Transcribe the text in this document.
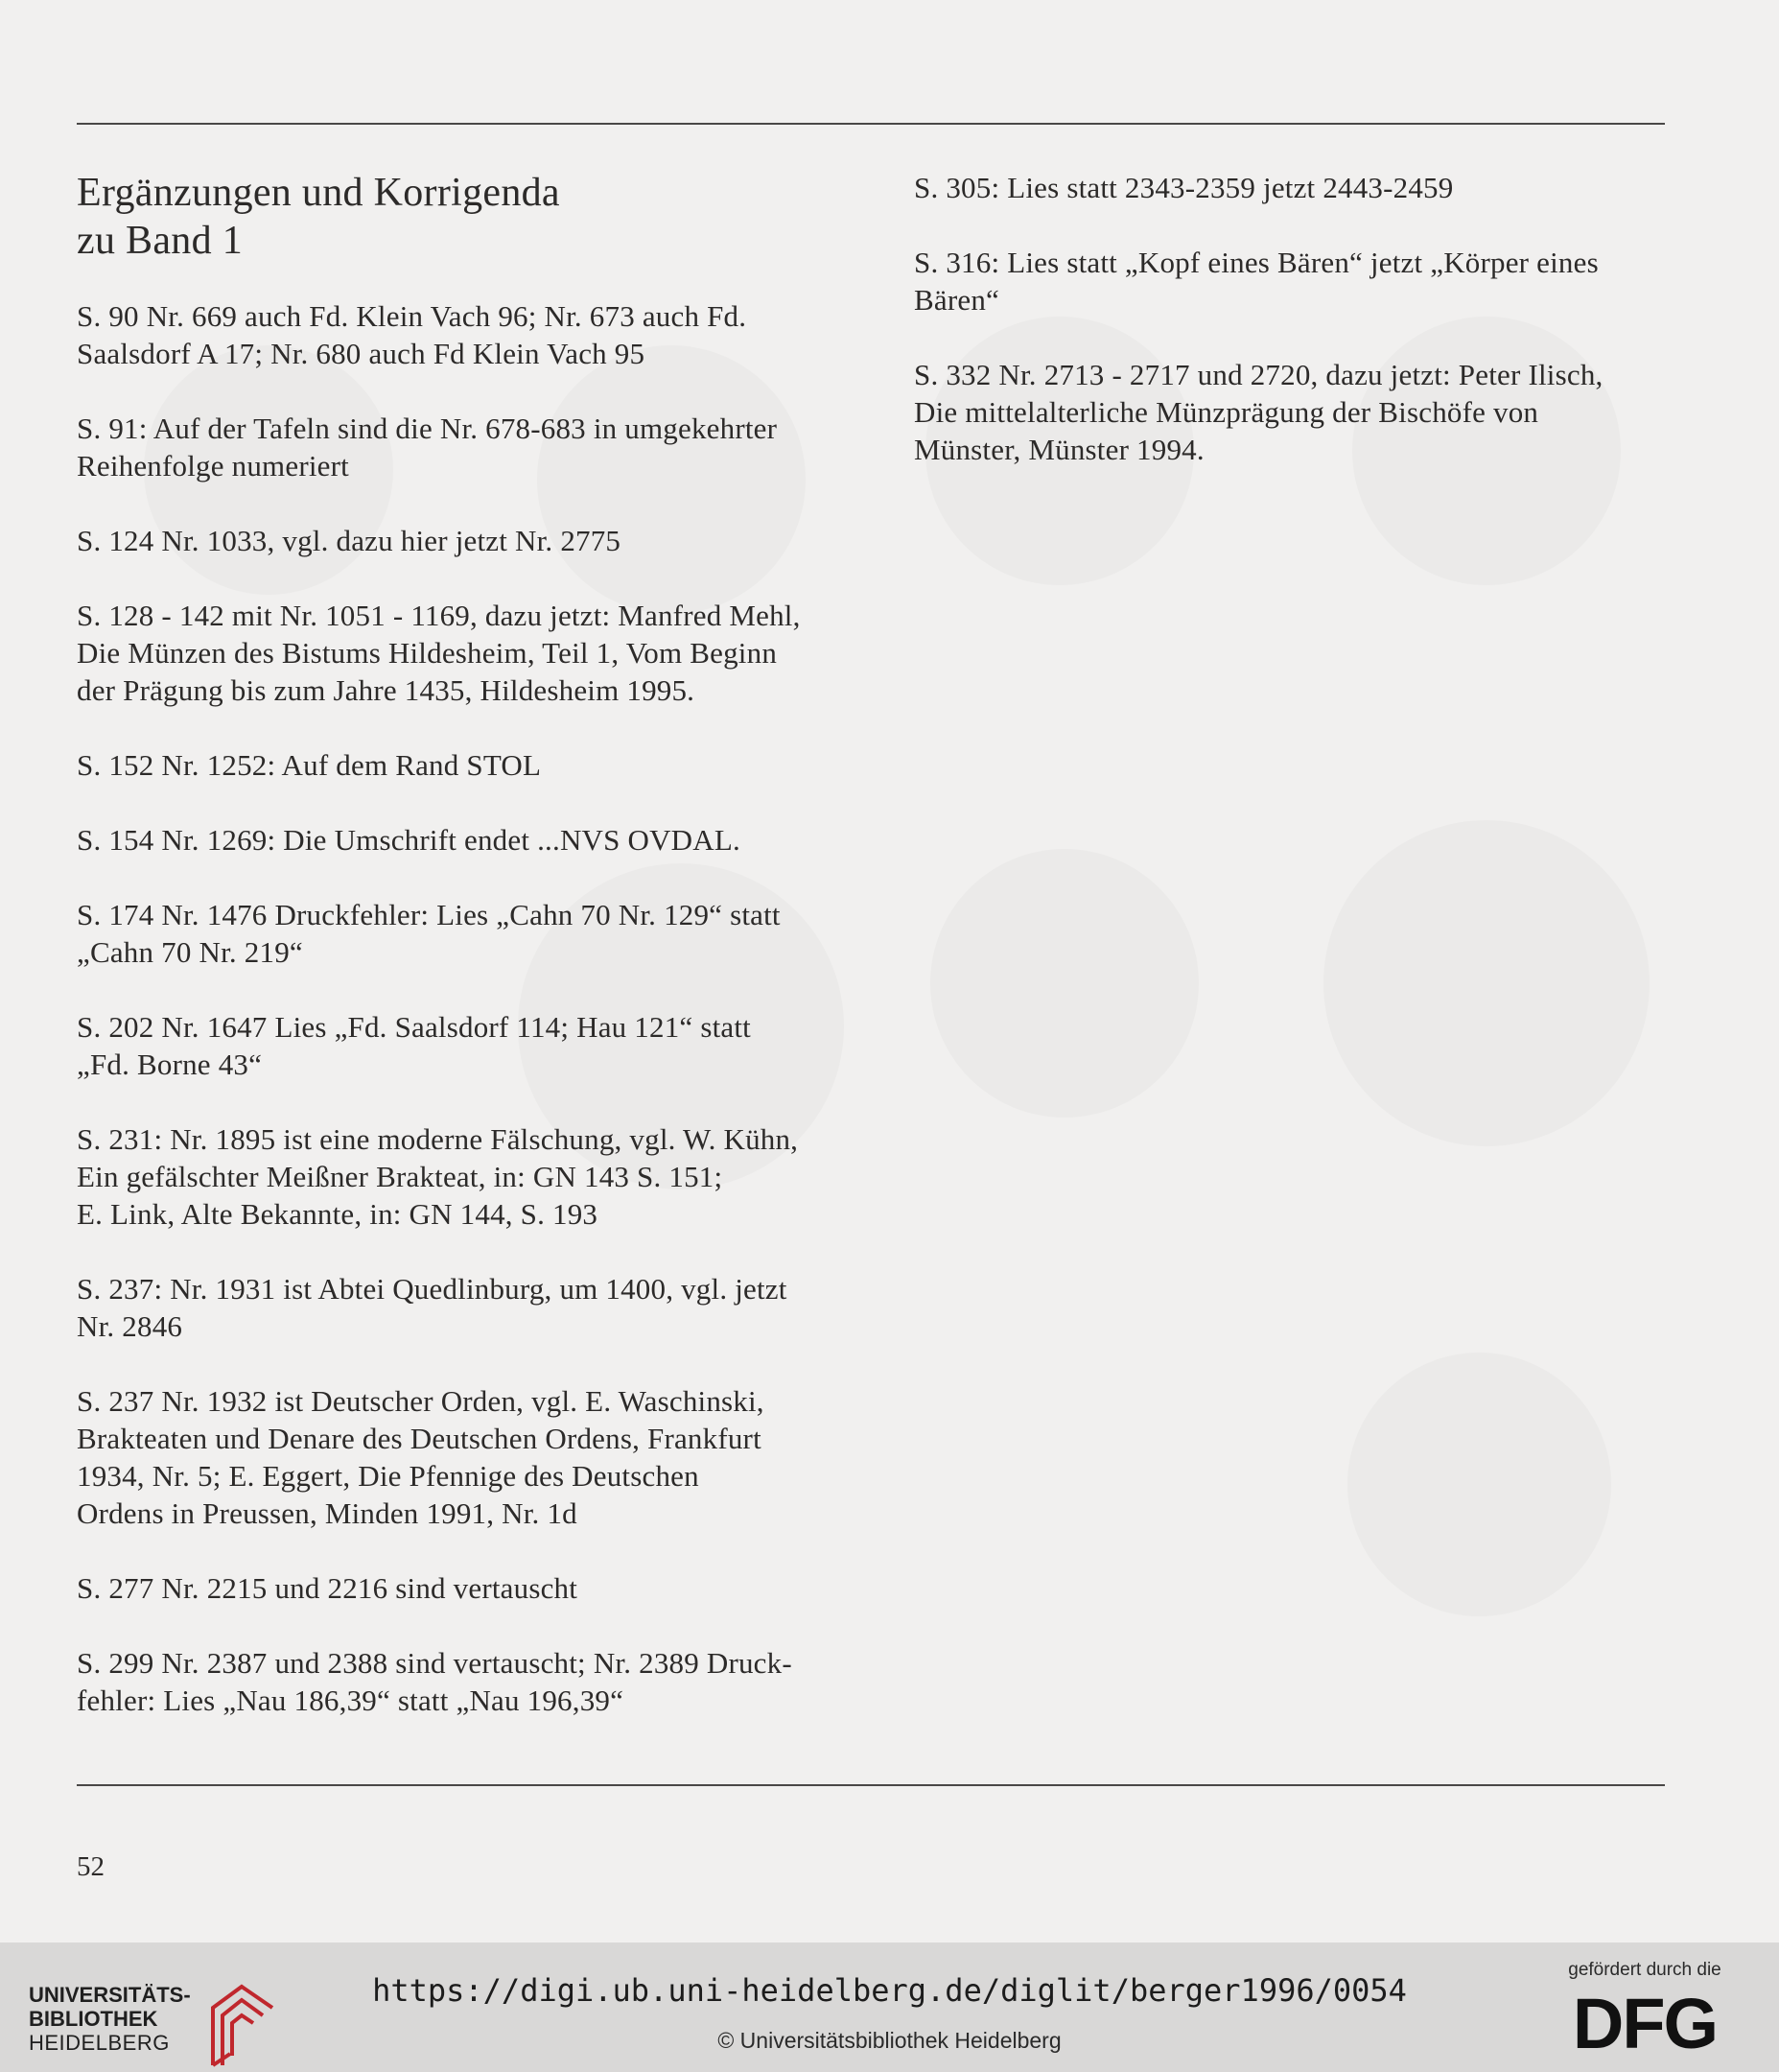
Ergänzungen und Korrigenda
zu Band 1
S. 90 Nr. 669 auch Fd. Klein Vach 96; Nr. 673 auch Fd.
Saalsdorf A 17; Nr. 680 auch Fd Klein Vach 95
S. 91: Auf der Tafeln sind die Nr. 678-683 in umgekehrter
Reihenfolge numeriert
S. 124 Nr. 1033, vgl. dazu hier jetzt Nr. 2775
S. 128 - 142 mit Nr. 1051 - 1169, dazu jetzt: Manfred Mehl,
Die Münzen des Bistums Hildesheim, Teil 1, Vom Beginn
der Prägung bis zum Jahre 1435, Hildesheim 1995.
S. 152 Nr. 1252: Auf dem Rand STOL
S. 154 Nr. 1269: Die Umschrift endet ...NVS OVDAL.
S. 174 Nr. 1476 Druckfehler: Lies „Cahn 70 Nr. 129“ statt
„Cahn 70 Nr. 219“
S. 202 Nr. 1647 Lies „Fd. Saalsdorf 114; Hau 121“ statt
„Fd. Borne 43“
S. 231: Nr. 1895 ist eine moderne Fälschung, vgl. W. Kühn,
Ein gefälschter Meißner Brakteat, in: GN 143 S. 151;
E. Link, Alte Bekannte, in: GN 144, S. 193
S. 237: Nr. 1931 ist Abtei Quedlinburg, um 1400, vgl. jetzt
Nr. 2846
S. 237 Nr. 1932 ist Deutscher Orden, vgl. E. Waschinski,
Brakteaten und Denare des Deutschen Ordens, Frankfurt
1934, Nr. 5; E. Eggert, Die Pfennige des Deutschen
Ordens in Preussen, Minden 1991, Nr. 1d
S. 277 Nr. 2215 und 2216 sind vertauscht
S. 299 Nr. 2387 und 2388 sind vertauscht; Nr. 2389 Druck-
fehler: Lies „Nau 186,39“ statt „Nau 196,39“
S. 305: Lies statt 2343-2359 jetzt 2443-2459
S. 316: Lies statt „Kopf eines Bären“ jetzt „Körper eines
Bären“
S. 332 Nr. 2713 - 2717 und 2720, dazu jetzt: Peter Ilisch,
Die mittelalterliche Münzprägung der Bischöfe von
Münster, Münster 1994.
52
UNIVERSITÄTS-
BIBLIOTHEK
HEIDELBERG
https://digi.ub.uni-heidelberg.de/diglit/berger1996/0054
© Universitätsbibliothek Heidelberg
gefördert durch die
DFG
